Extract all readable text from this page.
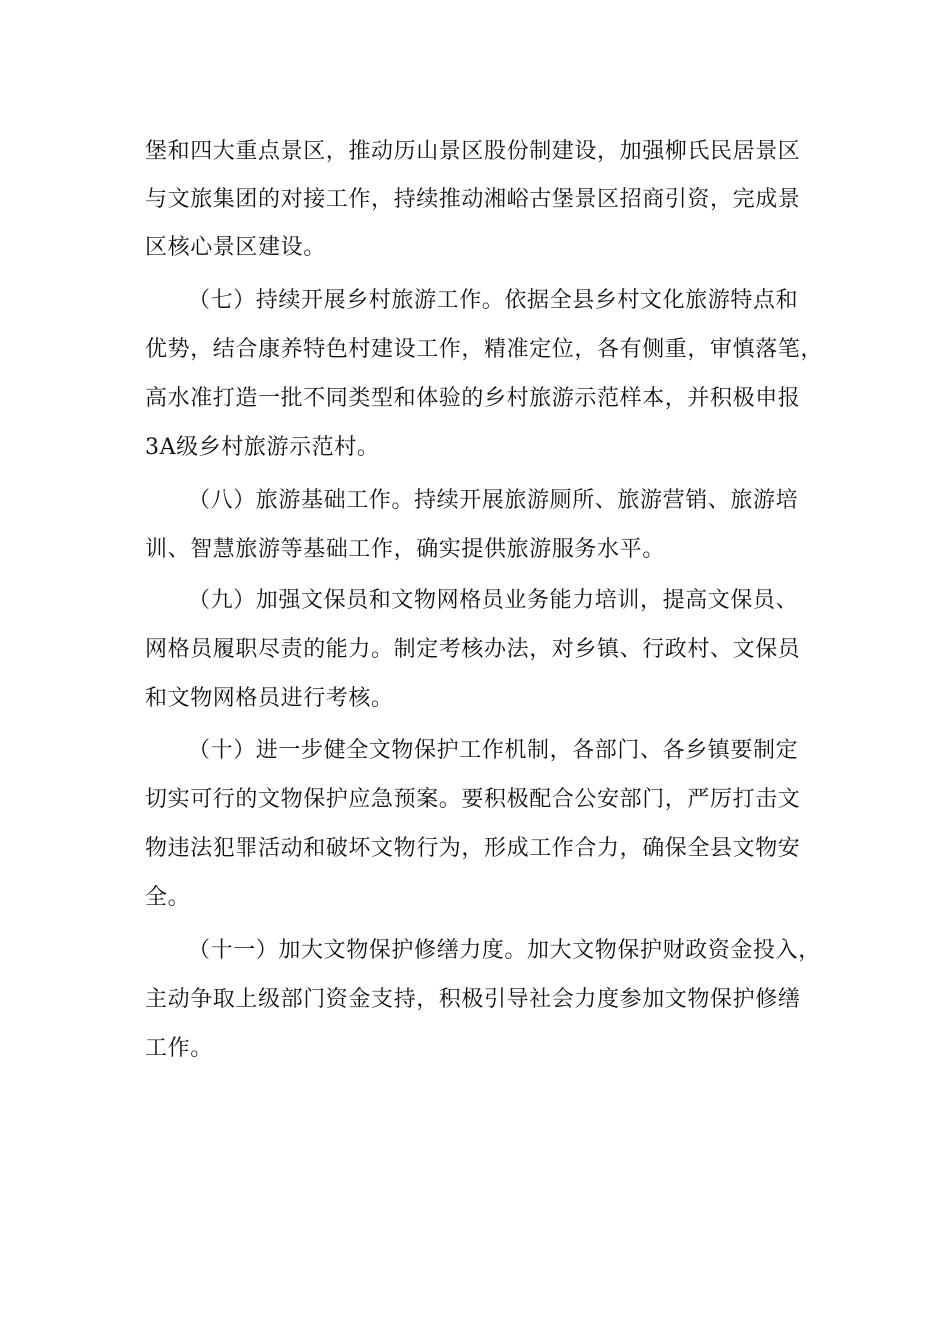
堡和四大重点景区，推动历山景区股份制建设，加强柳氏民居景区
与文旅集团的对接工作，持续推动湘峪古堡景区招商引资，完成景
区核心景区建设。
（七）持续开展乡村旅游工作。依据全县乡村文化旅游特点和
优势，结合康养特色村建设工作，精准定位，各有侧重，审慎落笔，
高水准打造一批不同类型和体验的乡村旅游示范样本，并积极申报
3A级乡村旅游示范村。
（八）旅游基础工作。持续开展旅游厕所、旅游营销、旅游培
训、智慧旅游等基础工作，确实提供旅游服务水平。
（九）加强文保员和文物网格员业务能力培训，提高文保员、
网格员履职尽责的能力。制定考核办法，对乡镇、行政村、文保员
和文物网格员进行考核。
（十）进一步健全文物保护工作机制，各部门、各乡镇要制定
切实可行的文物保护应急预案。要积极配合公安部门，严厉打击文
物违法犯罪活动和破坏文物行为，形成工作合力，确保全县文物安
全。
（十一）加大文物保护修缮力度。加大文物保护财政资金投入，
主动争取上级部门资金支持，积极引导社会力度参加文物保护修缮
工作。
